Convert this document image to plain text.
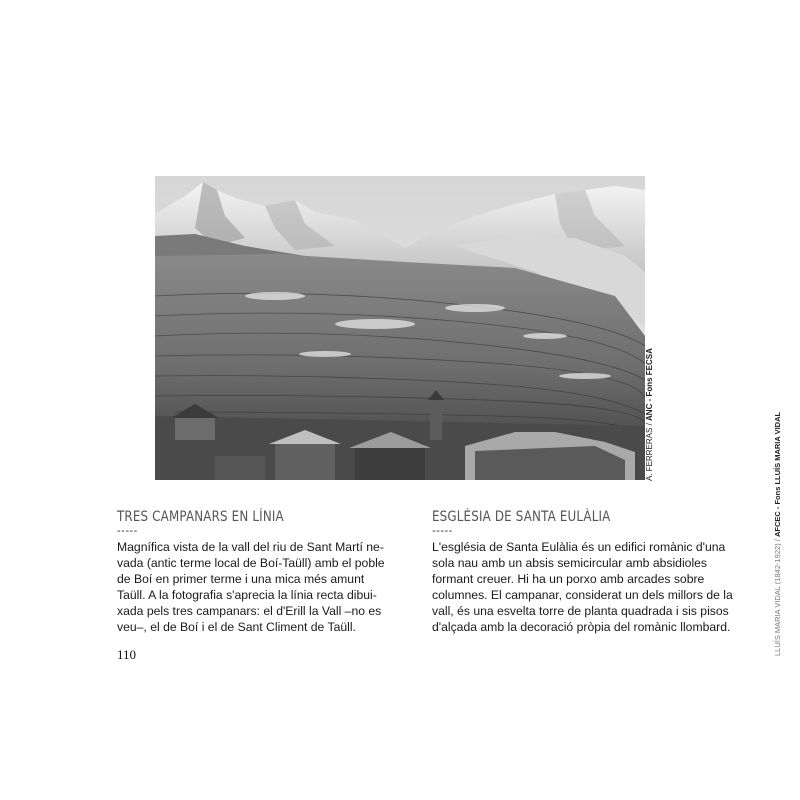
A. FERRERAS / ANC - Fons FECSA
LLUÍS MARIA VIDAL (1842-1922) / AFCEC - Fons LLUÍS MARIA VIDAL
TRES CAMPANARS EN LÍNIA
-----

Magnífica vista de la vall del riu de Sant Martí ne-
vada (antic terme local de Boí-Taüll) amb el poble
de Boí en primer terme i una mica més amunt
Taüll. A la fotografia s'aprecia la línia recta dibui-
xada pels tres campanars: el d'Erill la Vall –no es
veu–, el de Boí i el de Sant Climent de Taüll.

ESGLÉSIA DE SANTA EULÀLIA
-----

L'església de Santa Eulàlia és un edifici romànic d'una
sola nau amb un absis semicircular amb absidioles
formant creuer. Hi ha un porxo amb arcades sobre
columnes. El campanar, considerat un dels millors de la
vall, és una esvelta torre de planta quadrada i sis pisos
d'alçada amb la decoració pròpia del romànic llombard.

110
